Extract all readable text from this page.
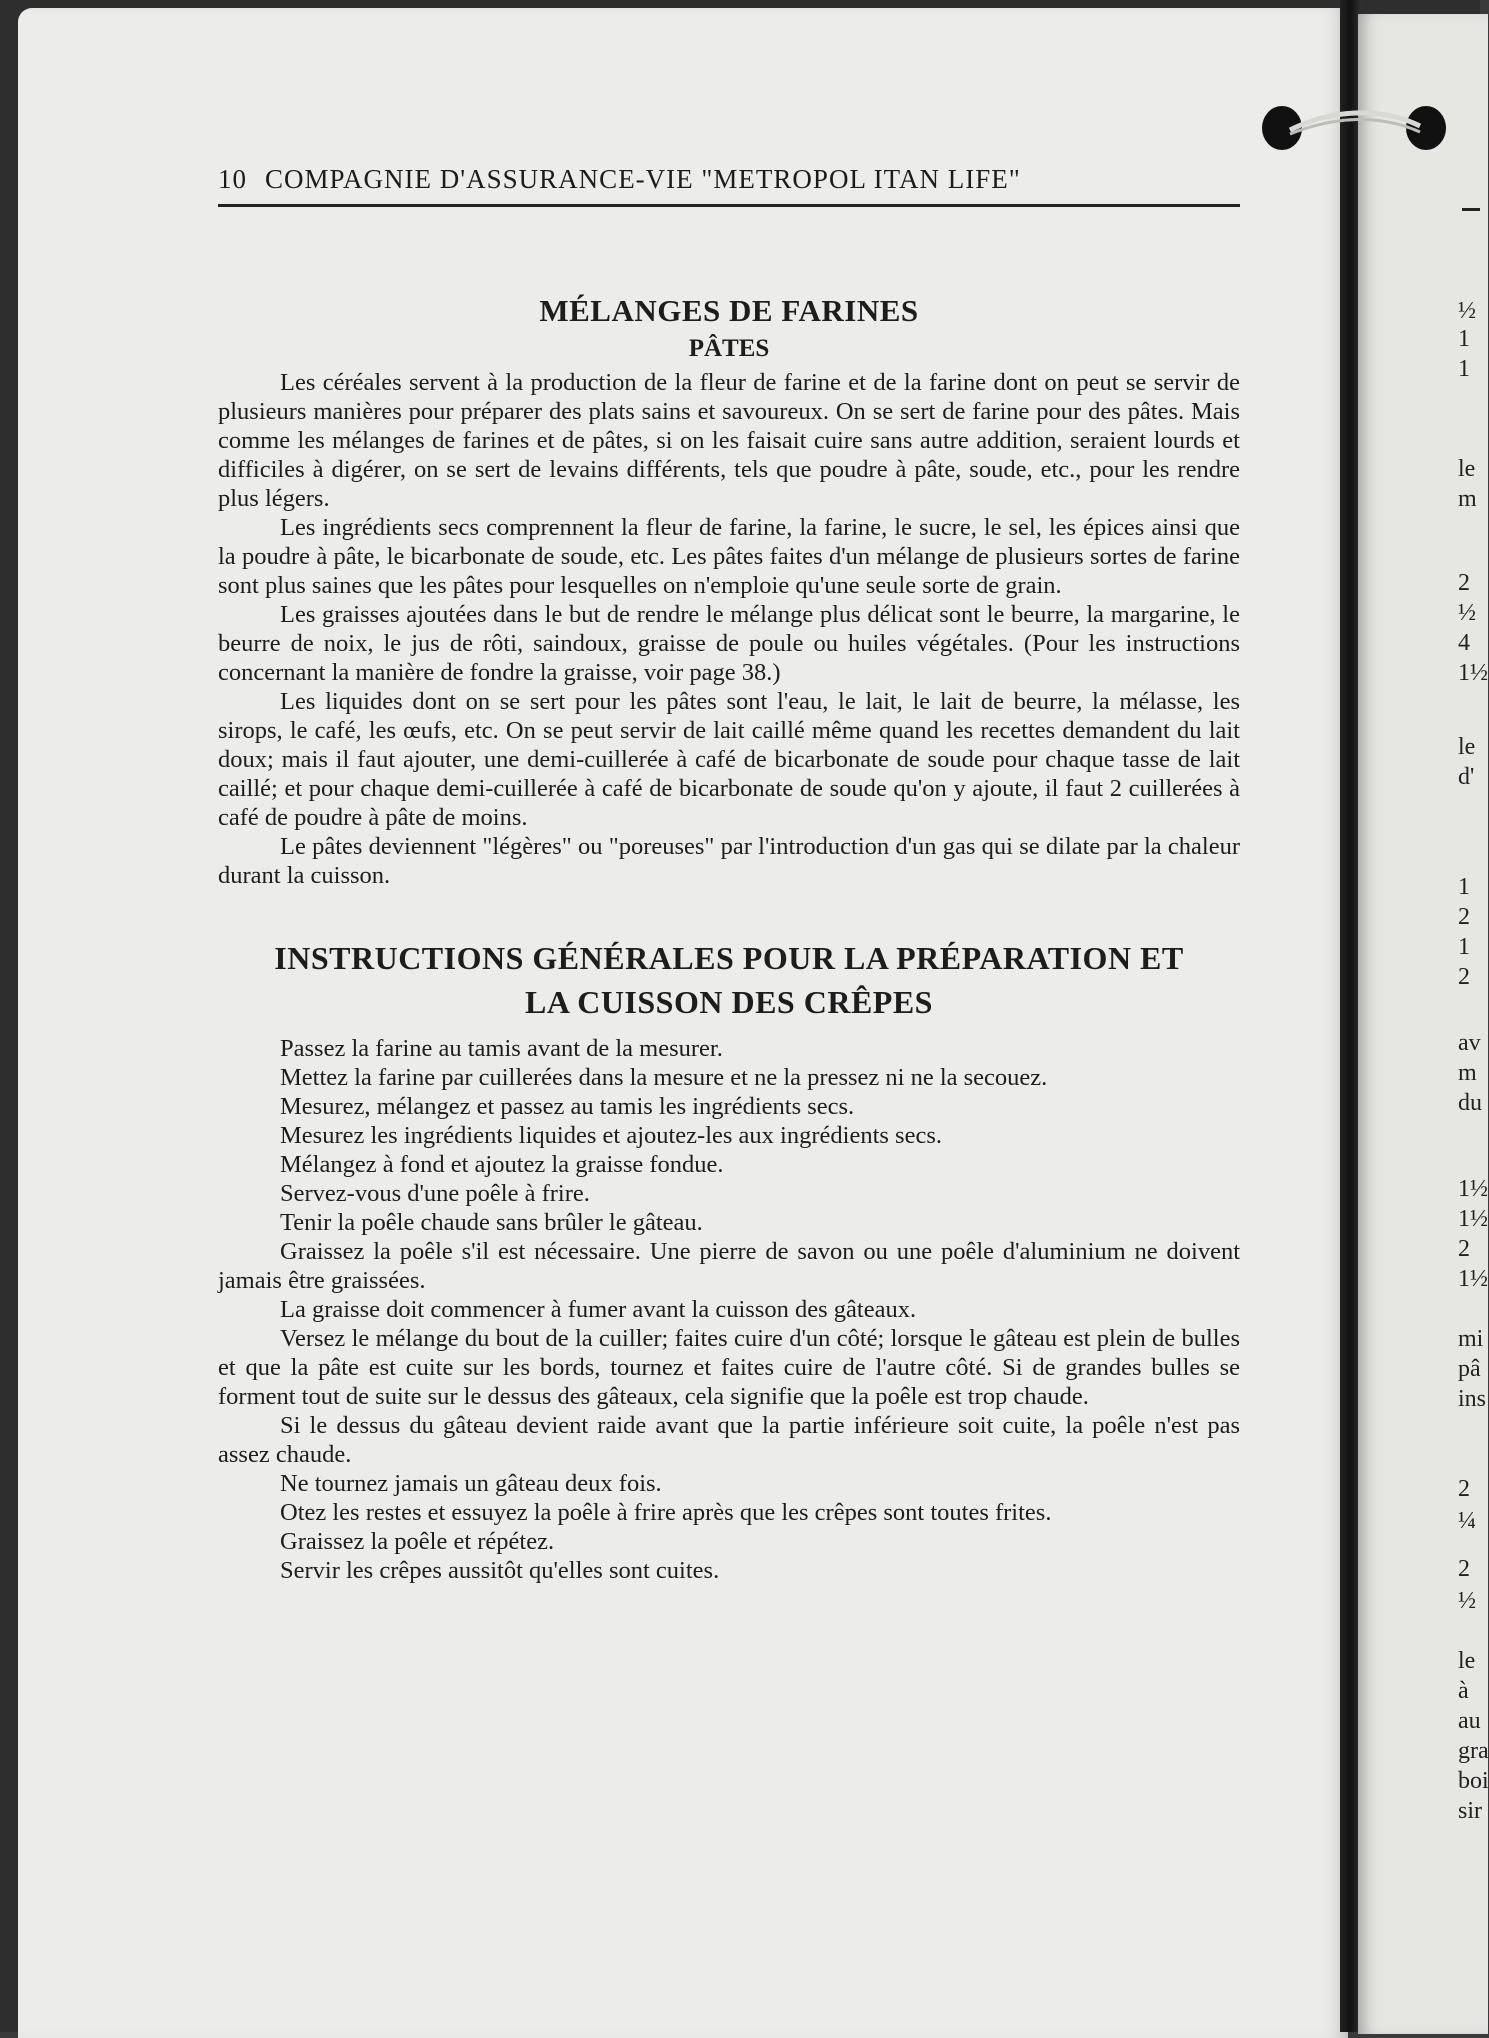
10 COMPAGNIE D'ASSURANCE-VIE "METROPOL ITAN LIFE"
MÉLANGES DE FARINES
PÂTES

Les céréales servent à la production de la fleur de farine et de la farine dont on peut se servir de plusieurs manières pour préparer des plats sains et savoureux. On se sert de farine pour des pâtes. Mais comme les mélanges de farines et de pâtes, si on les faisait cuire sans autre addition, seraient lourds et difficiles à digérer, on se sert de levains différents, tels que poudre à pâte, soude, etc., pour les rendre plus légers.

Les ingrédients secs comprennent la fleur de farine, la farine, le sucre, le sel, les épices ainsi que la poudre à pâte, le bicarbonate de soude, etc. Les pâtes faites d'un mélange de plusieurs sortes de farine sont plus saines que les pâtes pour lesquelles on n'emploie qu'une seule sorte de grain.

Les graisses ajoutées dans le but de rendre le mélange plus délicat sont le beurre, la margarine, le beurre de noix, le jus de rôti, saindoux, graisse de poule ou huiles végétales. (Pour les instructions concernant la manière de fondre la graisse, voir page 38.)

Les liquides dont on se sert pour les pâtes sont l'eau, le lait, le lait de beurre, la mélasse, les sirops, le café, les œufs, etc. On se peut servir de lait caillé même quand les recettes demandent du lait doux; mais il faut ajouter, une demi-cuillerée à café de bicarbonate de soude pour chaque tasse de lait caillé; et pour chaque demi-cuillerée à café de bicarbonate de soude qu'on y ajoute, il faut 2 cuillerées à café de poudre à pâte de moins.

Le pâtes deviennent "légères" ou "poreuses" par l'introduction d'un gas qui se dilate par la chaleur durant la cuisson.

INSTRUCTIONS GÉNÉRALES POUR LA PRÉPARATION ET
LA CUISSON DES CRÊPES

Passez la farine au tamis avant de la mesurer.

Mettez la farine par cuillerées dans la mesure et ne la pressez ni ne la secouez.

Mesurez, mélangez et passez au tamis les ingrédients secs.

Mesurez les ingrédients liquides et ajoutez-les aux ingrédients secs.

Mélangez à fond et ajoutez la graisse fondue.

Servez-vous d'une poêle à frire.

Tenir la poêle chaude sans brûler le gâteau.

Graissez la poêle s'il est nécessaire. Une pierre de savon ou une poêle d'aluminium ne doivent jamais être graissées.

La graisse doit commencer à fumer avant la cuisson des gâteaux.

Versez le mélange du bout de la cuiller; faites cuire d'un côté; lorsque le gâteau est plein de bulles et que la pâte est cuite sur les bords, tournez et faites cuire de l'autre côté. Si de grandes bulles se forment tout de suite sur le dessus des gâteaux, cela signifie que la poêle est trop chaude.

Si le dessus du gâteau devient raide avant que la partie inférieure soit cuite, la poêle n'est pas assez chaude.

Ne tournez jamais un gâteau deux fois.

Otez les restes et essuyez la poêle à frire après que les crêpes sont toutes frites.

Graissez la poêle et répétez.

Servir les crêpes aussitôt qu'elles sont cuites.

½
1
1
le
m
2
½
4
1½
le
d'
1
2
1
2
av
m
du
1½
1½
2
1½
mi
pâ
ins
2
¼
2
½
le
à
au
gra
boi
sir
